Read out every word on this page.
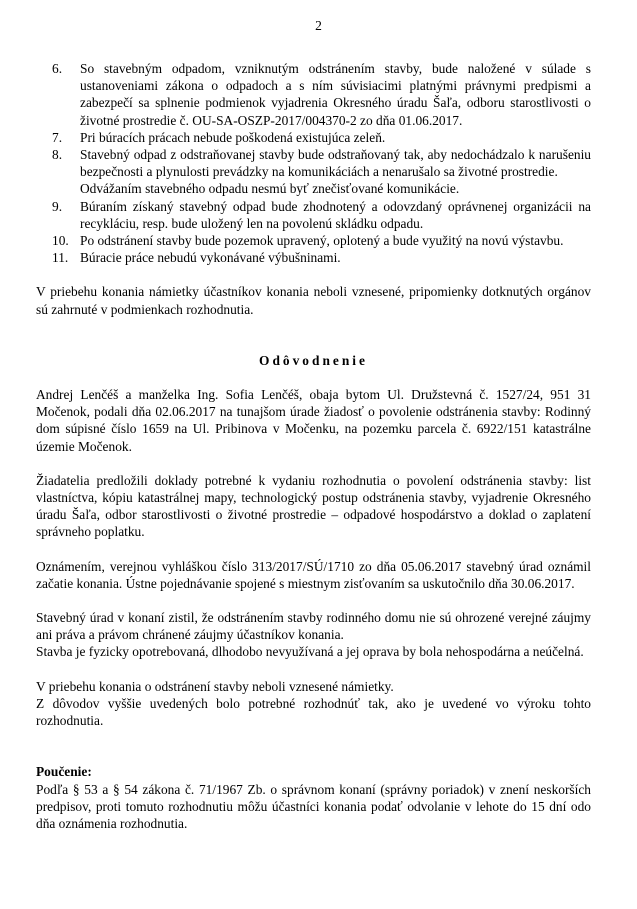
2
6. So stavebným odpadom, vzniknutým odstránením stavby, bude naložené v súlade s ustanoveniami zákona o odpadoch a s ním súvisiacimi platnými právnymi predpismi a zabezpečí sa splnenie podmienok vyjadrenia Okresného úradu Šaľa, odboru starostlivosti o životné prostredie č. OU-SA-OSZP-2017/004370-2 zo dňa 01.06.2017.

7. Pri búracích prácach nebude poškodená existujúca zeleň.

8. Stavebný odpad z odstraňovanej stavby bude odstraňovaný tak, aby nedochádzalo k narušeniu bezpečnosti a plynulosti prevádzky na komunikáciách a nenarušalo sa životné prostredie.

Odvážaním stavebného odpadu nesmú byť znečisťované komunikácie.

9. Búraním získaný stavebný odpad bude zhodnotený a odovzdaný oprávnenej organizácii na recykláciu, resp. bude uložený len na povolenú skládku odpadu.

10. Po odstránení stavby bude pozemok upravený, oplotený a bude využitý na novú výstavbu.

11. Búracie práce nebudú vykonávané výbušninami.

V priebehu konania námietky účastníkov konania neboli vznesené, pripomienky dotknutých orgánov sú zahrnuté v podmienkach rozhodnutia.

Odôvodnenie

Andrej Lenčéš a manželka Ing. Sofia Lenčéš, obaja bytom Ul. Družstevná č. 1527/24, 951 31 Močenok, podali dňa 02.06.2017 na tunajšom úrade žiadosť o povolenie odstránenia stavby: Rodinný dom súpisné číslo 1659 na Ul. Pribinova v Močenku, na pozemku parcela č. 6922/151 katastrálne územie Močenok.

Žiadatelia predložili doklady potrebné k vydaniu rozhodnutia o povolení odstránenia stavby: list vlastníctva, kópiu katastrálnej mapy, technologický postup odstránenia stavby, vyjadrenie Okresného úradu Šaľa, odbor starostlivosti o životné prostredie – odpadové hospodárstvo a doklad o zaplatení správneho poplatku.

Oznámením, verejnou vyhláškou číslo 313/2017/SÚ/1710 zo dňa 05.06.2017 stavebný úrad oznámil začatie konania. Ústne pojednávanie spojené s miestnym zisťovaním sa uskutočnilo dňa 30.06.2017.

Stavebný úrad v konaní zistil, že odstránením stavby rodinného domu nie sú ohrozené verejné záujmy ani práva a právom chránené záujmy účastníkov konania.

Stavba je fyzicky opotrebovaná, dlhodobo nevyužívaná a jej oprava by bola nehospodárna a neúčelná.

V priebehu konania o odstránení stavby neboli vznesené námietky.

Z dôvodov vyššie uvedených bolo potrebné rozhodnúť tak, ako je uvedené vo výroku tohto rozhodnutia.

Poučenie:

Podľa § 53 a § 54 zákona č. 71/1967 Zb. o správnom konaní (správny poriadok) v znení neskorších predpisov, proti tomuto rozhodnutiu môžu účastníci konania podať odvolanie v lehote do 15 dní odo dňa oznámenia rozhodnutia.
